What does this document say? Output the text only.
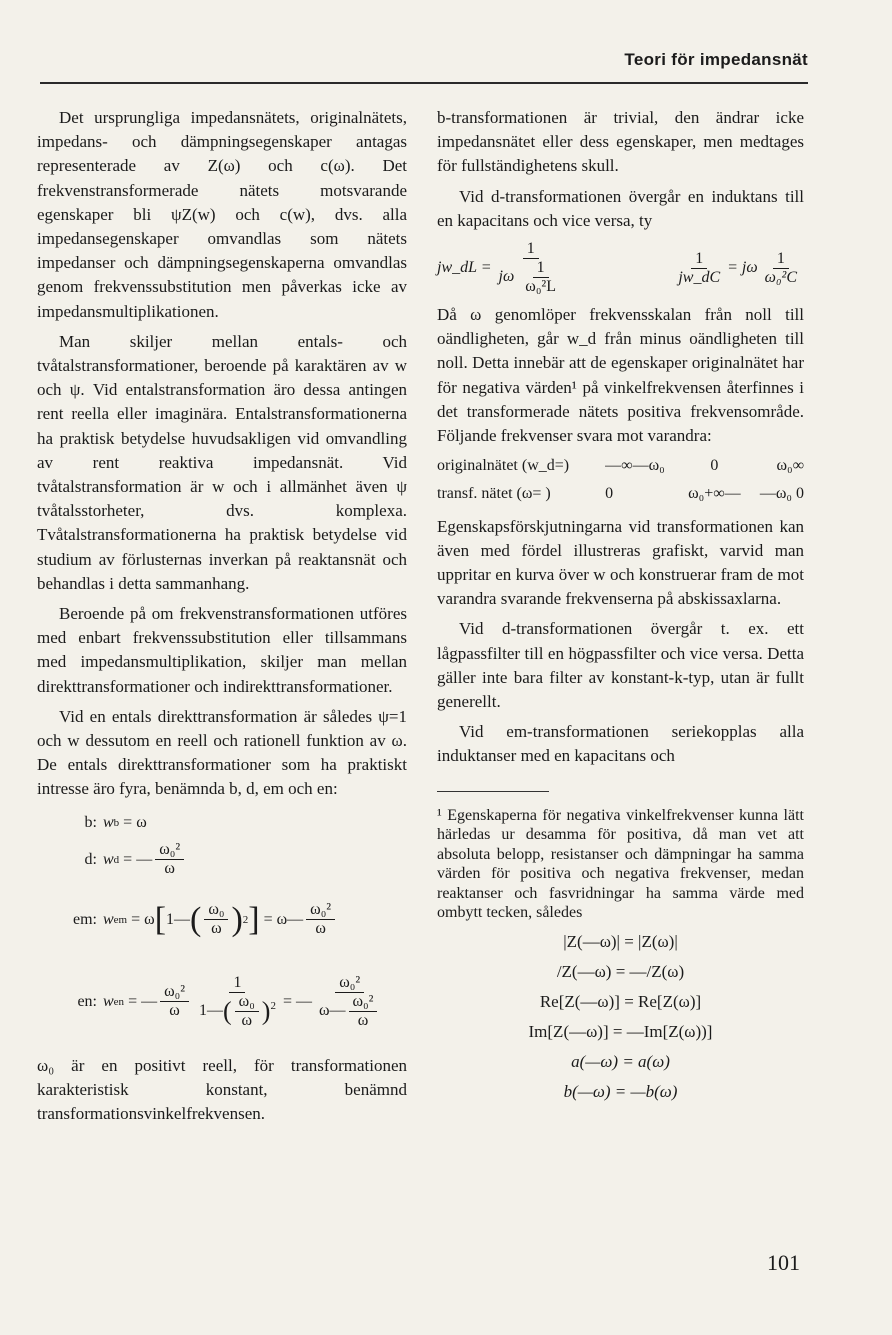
Teori för impedansnät

Det ursprungliga impedansnätets, originalnätets, impedans- och dämpningsegenskaper antagas representerade av Z(ω) och c(ω). Det frekvenstransformerade nätets motsvarande egenskaper bli ψZ(w) och c(w), dvs. alla impedansegenskaper omvandlas som nätets impedanser och dämpningsegenskaperna omvandlas genom frekvenssubstitution men påverkas icke av impedansmultiplikationen.

Man skiljer mellan entals- och tvåtalstransformationer, beroende på karaktären av w och ψ. Vid entalstransformation äro dessa antingen rent reella eller imaginära. Entalstransformationerna ha praktisk betydelse huvudsakligen vid omvandling av rent reaktiva impedansnät. Vid tvåtalstransformation är w och i allmänhet även ψ tvåtalsstorheter, dvs. komplexa. Tvåtalstransformationerna ha praktisk betydelse vid studium av förlusternas inverkan på reaktansnät och behandlas i detta sammanhang.

Beroende på om frekvenstransformationen utföres med enbart frekvenssubstitution eller tillsammans med impedansmultiplikation, skiljer man mellan direkttransformationer och indirekttransformationer.

Vid en entals direkttransformation är således ψ=1 och w dessutom en reell och rationell funktion av ω. De entals direkttransformationer som ha praktiskt intresse äro fyra, benämnda b, d, em och en:

b: w b
= ω
d: w d
= — $\frac{\text{ω₀²}}{\omega}$
em: w em
= ω [ 1— ( $\frac{\text{ω₀}}{\omega}$ ) 2 ]
= ω— $\frac{\text{ω₀²}}{\omega}$
en: w en
= — $\frac{\text{ω₀²}}{\omega} \frac{1}{1—( \frac{\text{ω₀}}{\omega} )^2}$ = — $\frac{\text{ω₀²}}{\omega— \frac{\text{ω₀²}}{\omega}}$

ω₀ är en positivt reell, för transformationen karakteristisk konstant, benämnd transformationsvinkelfrekvensen.

b-transformationen är trivial, den ändrar icke impedansnätet eller dess egenskaper, men medtages för fullständighetens skull.

Vid d-transformationen övergår en induktans till en kapacitans och vice versa, ty

jw_dL = $\frac{1}{j\omega \frac{1}{\text{ω₀²L}}}$	$\frac{1}{jw\_dC} = j\omega \frac{1}{\text{ω₀²C}}$

Då ω genomlöper frekvensskalan från noll till oändligheten, går w_d från minus oändligheten till noll. Detta innebär att de egenskaper originalnätet har för negativa värden¹ på vinkelfrekvensen återfinnes i det transformerade nätets positiva frekvensområde. Följande frekvenser svara mot varandra:

originalnätet (w_d=)	—∞—ω₀	0	ω₀∞
transf. nätet (ω= )	0	ω₀+∞—	—ω₀ 0

Egenskapsförskjutningarna vid transformationen kan även med fördel illustreras grafiskt, varvid man uppritar en kurva över w och konstruerar fram de mot varandra svarande frekvenserna på abskissaxlarna.

Vid d-transformationen övergår t. ex. ett lågpassfilter till en högpassfilter och vice versa. Detta gäller inte bara filter av konstant-k-typ, utan är fullt generellt.

Vid em-transformationen seriekopplas alla induktanser med en kapacitans och

¹ Egenskaperna för negativa vinkelfrekvenser kunna lätt härledas ur desamma för positiva, då man vet att absoluta belopp, resistanser och dämpningar ha samma värden för positiva och negativa frekvenser, medan reaktanser och fasvridningar ha samma värde med ombytt tecken, således
|Z(—ω)| = |Z(ω)|
/Z(—ω) = —/Z(ω)
Re[Z(—ω)] = Re[Z(ω)]
Im[Z(—ω)] = —Im[Z(ω))]
a(—ω) = a(ω)
b(—ω) = —b(ω)
101
